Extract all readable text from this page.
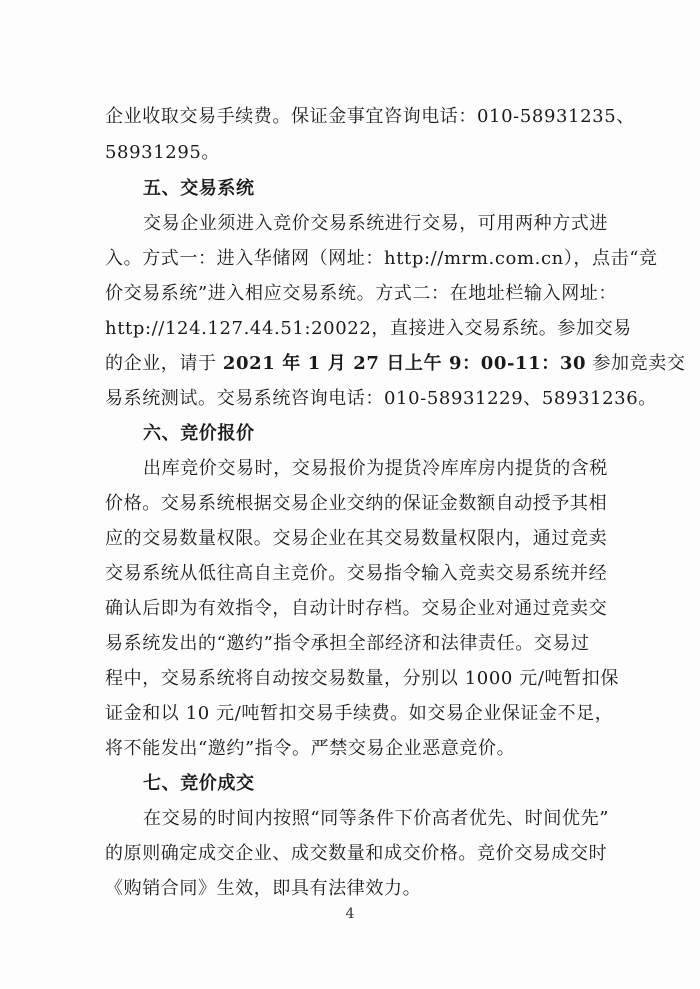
企业收取交易手续费。保证金事宜咨询电话：010-58931235、
58931295。
五、交易系统
交易企业须进入竞价交易系统进行交易，可用两种方式进
入。方式一：进入华储网（网址：http://mrm.com.cn），点击“竞
价交易系统”进入相应交易系统。方式二：在地址栏输入网址：
http://124.127.44.51:20022，直接进入交易系统。参加交易
的企业，请于 2021 年 1 月 27 日上午 9：00-11：30 参加竞卖交
易系统测试。交易系统咨询电话：010-58931229、58931236。
六、竞价报价
出库竞价交易时，交易报价为提货冷库库房内提货的含税
价格。交易系统根据交易企业交纳的保证金数额自动授予其相
应的交易数量权限。交易企业在其交易数量权限内，通过竞卖
交易系统从低往高自主竞价。交易指令输入竞卖交易系统并经
确认后即为有效指令，自动计时存档。交易企业对通过竞卖交
易系统发出的“邀约”指令承担全部经济和法律责任。交易过
程中，交易系统将自动按交易数量，分别以 1000 元/吨暂扣保
证金和以 10 元/吨暂扣交易手续费。如交易企业保证金不足，
将不能发出“邀约”指令。严禁交易企业恶意竞价。
七、竞价成交
在交易的时间内按照“同等条件下价高者优先、时间优先”
的原则确定成交企业、成交数量和成交价格。竞价交易成交时
《购销合同》生效，即具有法律效力。
4
